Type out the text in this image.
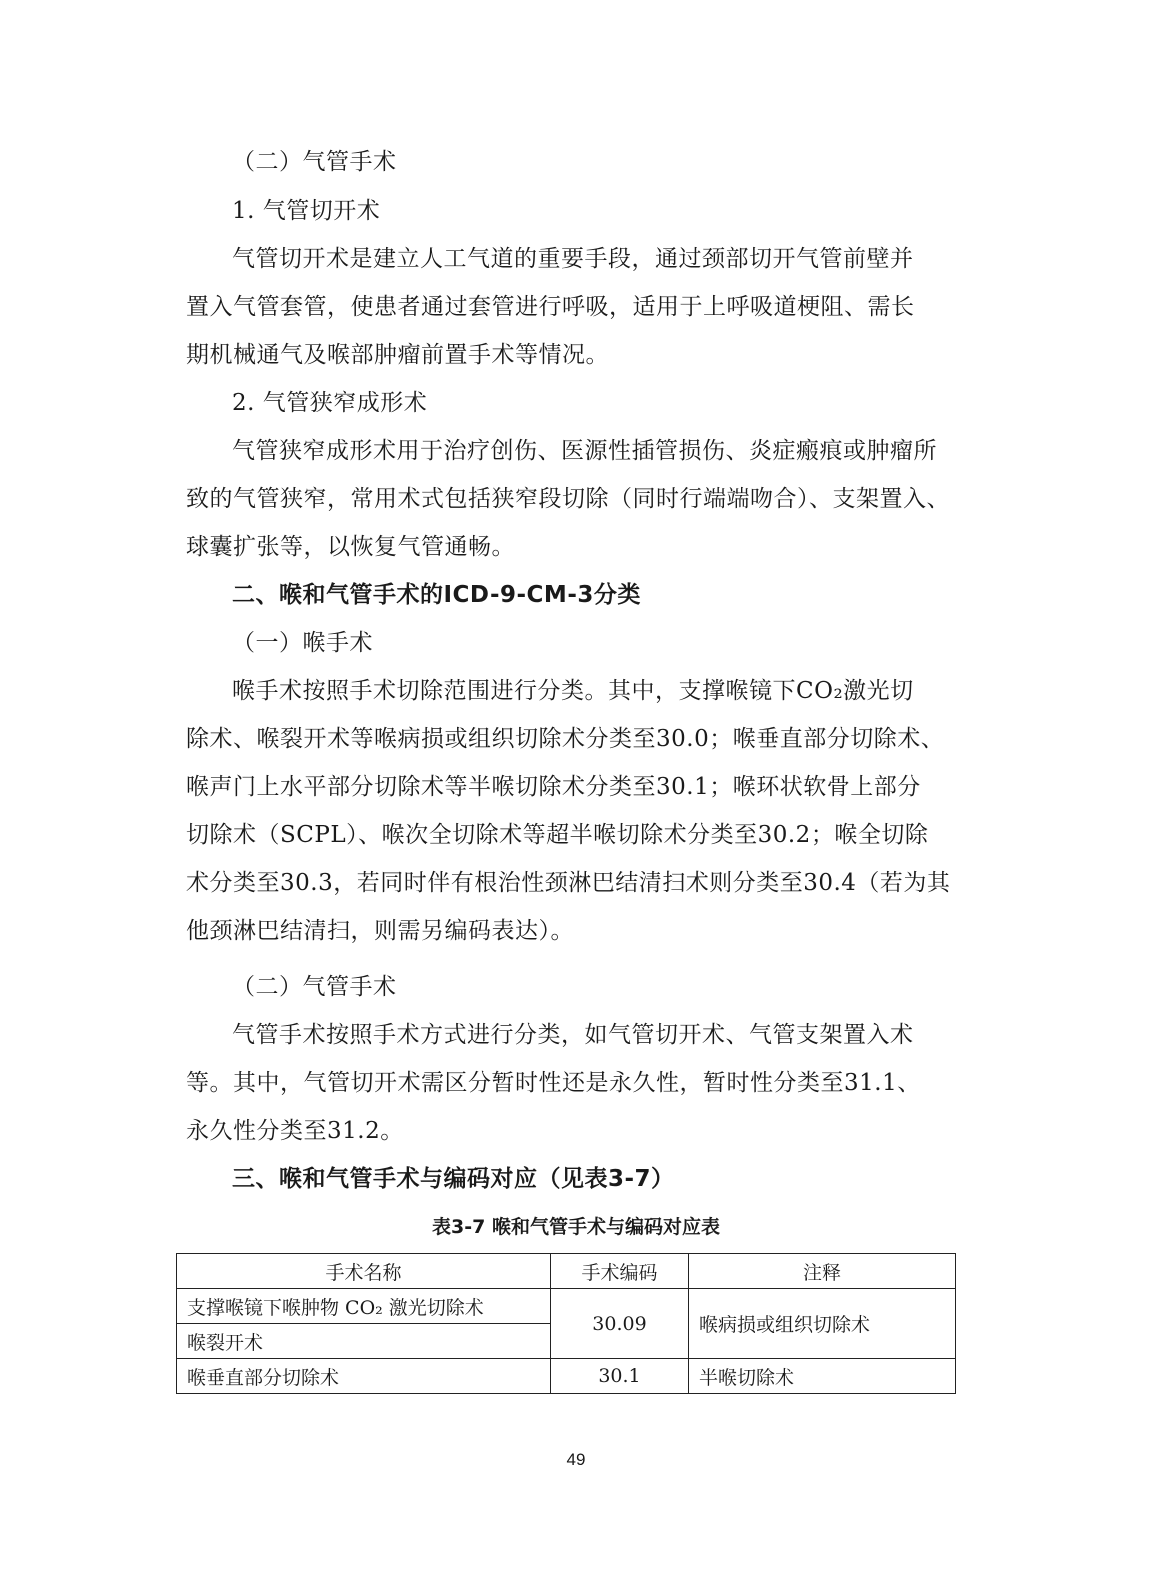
（二）气管手术
1. 气管切开术
气管切开术是建立人工气道的重要手段，通过颈部切开气管前壁并
置入气管套管，使患者通过套管进行呼吸，适用于上呼吸道梗阻、需长
期机械通气及喉部肿瘤前置手术等情况。
2. 气管狭窄成形术
气管狭窄成形术用于治疗创伤、医源性插管损伤、炎症瘢痕或肿瘤所
致的气管狭窄，常用术式包括狭窄段切除（同时行端端吻合）、支架置入、
球囊扩张等，以恢复气管通畅。
二、喉和气管手术的ICD-9-CM-3分类
（一）喉手术
喉手术按照手术切除范围进行分类。其中，支撑喉镜下CO₂激光切
除术、喉裂开术等喉病损或组织切除术分类至30.0；喉垂直部分切除术、
喉声门上水平部分切除术等半喉切除术分类至30.1；喉环状软骨上部分
切除术（SCPL）、喉次全切除术等超半喉切除术分类至30.2；喉全切除
术分类至30.3，若同时伴有根治性颈淋巴结清扫术则分类至30.4（若为其
他颈淋巴结清扫，则需另编码表达）。
（二）气管手术
气管手术按照手术方式进行分类，如气管切开术、气管支架置入术
等。其中，气管切开术需区分暂时性还是永久性，暂时性分类至31.1、
永久性分类至31.2。
三、喉和气管手术与编码对应（见表3-7）
表3-7 喉和气管手术与编码对应表
手术名称	手术编码	注释
支撑喉镜下喉肿物 CO₂ 激光切除术	30.09	喉病损或组织切除术
喉裂开术		
喉垂直部分切除术	30.1	半喉切除术
49
